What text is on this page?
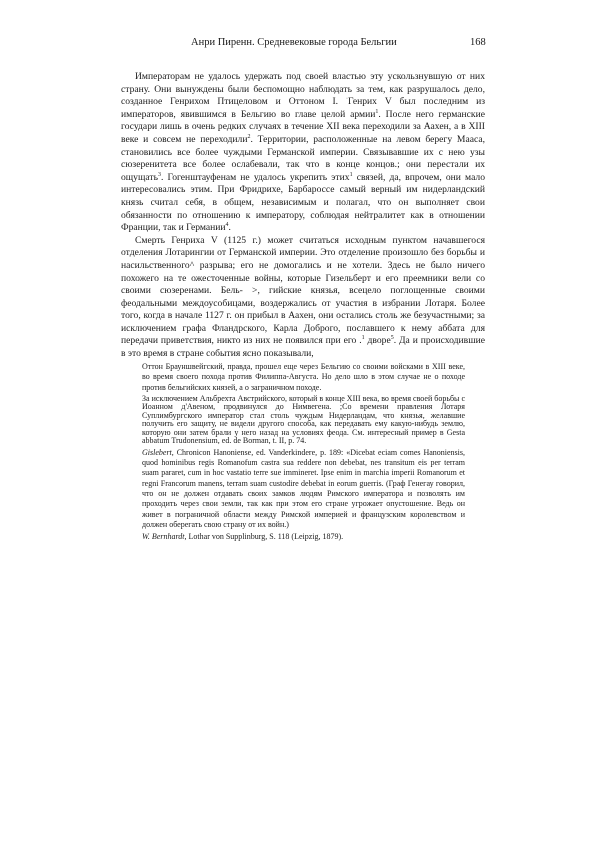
Анри Пиренн. Средневековые города Бельгии	168

Императорам не удалось удержать под своей властью эту ускользнувшую от них страну. Они вынуждены были беспомощно наблюдать за тем, как разрушалось дело, созданное Генрихом Птицеловом и Оттоном I. ·Генрих V был последним из императоров, явившимся в Бельгию во главе целой армии$^1$. После него германские государи лишь в очень редких случаях в течение XII века переходили за Аахен, а в XIII веке и совсем не переходили$^2$. Территории, расположенные на левом берегу Мааса, становились все более чуждыми Германской империи. Связывавшие их с нею узы сюзеренитета все более ослабевали, так что в конце концов.; они перестали их ощущать$^3$. Гогенштауфенам не удалось укрепить этих$^1$ связей, да, впрочем, они мало интересовались этим. При Фридрихе, Барбароссе самый верный им нидерландский князь считал себя, в общем, независимым и полагал, что он выполняет свои обязанности по отношению к императору, соблюдая нейтралитет как в отношении Франции, так и Германии$^4$.

Смерть Генриха V (1125 г.) может считаться исходным пунктом начавшегося отделения Лотарингии от Германской империи. Это отделение произошло без борьбы и насильственного^ разрыва; его не домогались и не хотели. Здесь не было ничего похожего на те ожесточенные войны, которые Гизельберт и его преемники вели со своими сюзеренами. Бель- >, гийские князья, всецело поглощенные своими феодальными междоусобицами, воздержались от участия в избрании Лотаря. Более того, когда в начале 1127 г. он прибыл в Аахен, они остались столь же безучастными; за исключением графа Фландрского, Карла Доброго, пославшего к нему аббата для передачи приветствия, никто из них не появился при его .$^1$ дворе$^5$. Да и происходившие в это время в стране события ясно показывали,

Оттон Брауншвейгский, правда, прошел еще через Бельгию со своими войсками в XIII веке, во время своего похода против Филиппа-Августа. Но дело шло в этом случае не о походе против бельгийских князей, а о заграничном походе.

За исключением Альбрехта Австрийского, который в конце XIII века, во время своей борьбы с Иоанном д'Авеном, продвинулся до Нимвегена. ;Со времени правления Лотаря Суплимбургского император стал столь чуждым Нидерландам, что князья, желавшие получить его защиту, не видели другого способа, как передавать ему какую-нибудь землю, которую они затем брали у него назад на условиях феода. См. интересный пример в Gesta abbatum Trudonensium, ed. de Borman, t. II, p. 74.

Gislebert, Chronicon Hanoniense, ed. Vanderkindere, p. 189: «Dicebat eciam comes Hanoniensis, quod hominibus regis Romanofum castra sua reddere non debebat, nes transitum eis per terram suam pararet, cum in hoc vastatio terre sue immineret. Ipse enim in marchia imperii Romanorum et regni Francorum manens, terram suam custodire debebat in eorum guerris. (Граф Генегау говорил, что он не должен отдавать своих замков людям Римского императора и позволять им проходить через свои земли, так как при этом его стране угрожает опустошение. Ведь он живет в пограничной области между Римской империей и французским королевством и должен оберегать свою страну от их войн.)

W. Bernhardt, Lothar von Supplinburg, S. 118 (Leipzig, 1879).
